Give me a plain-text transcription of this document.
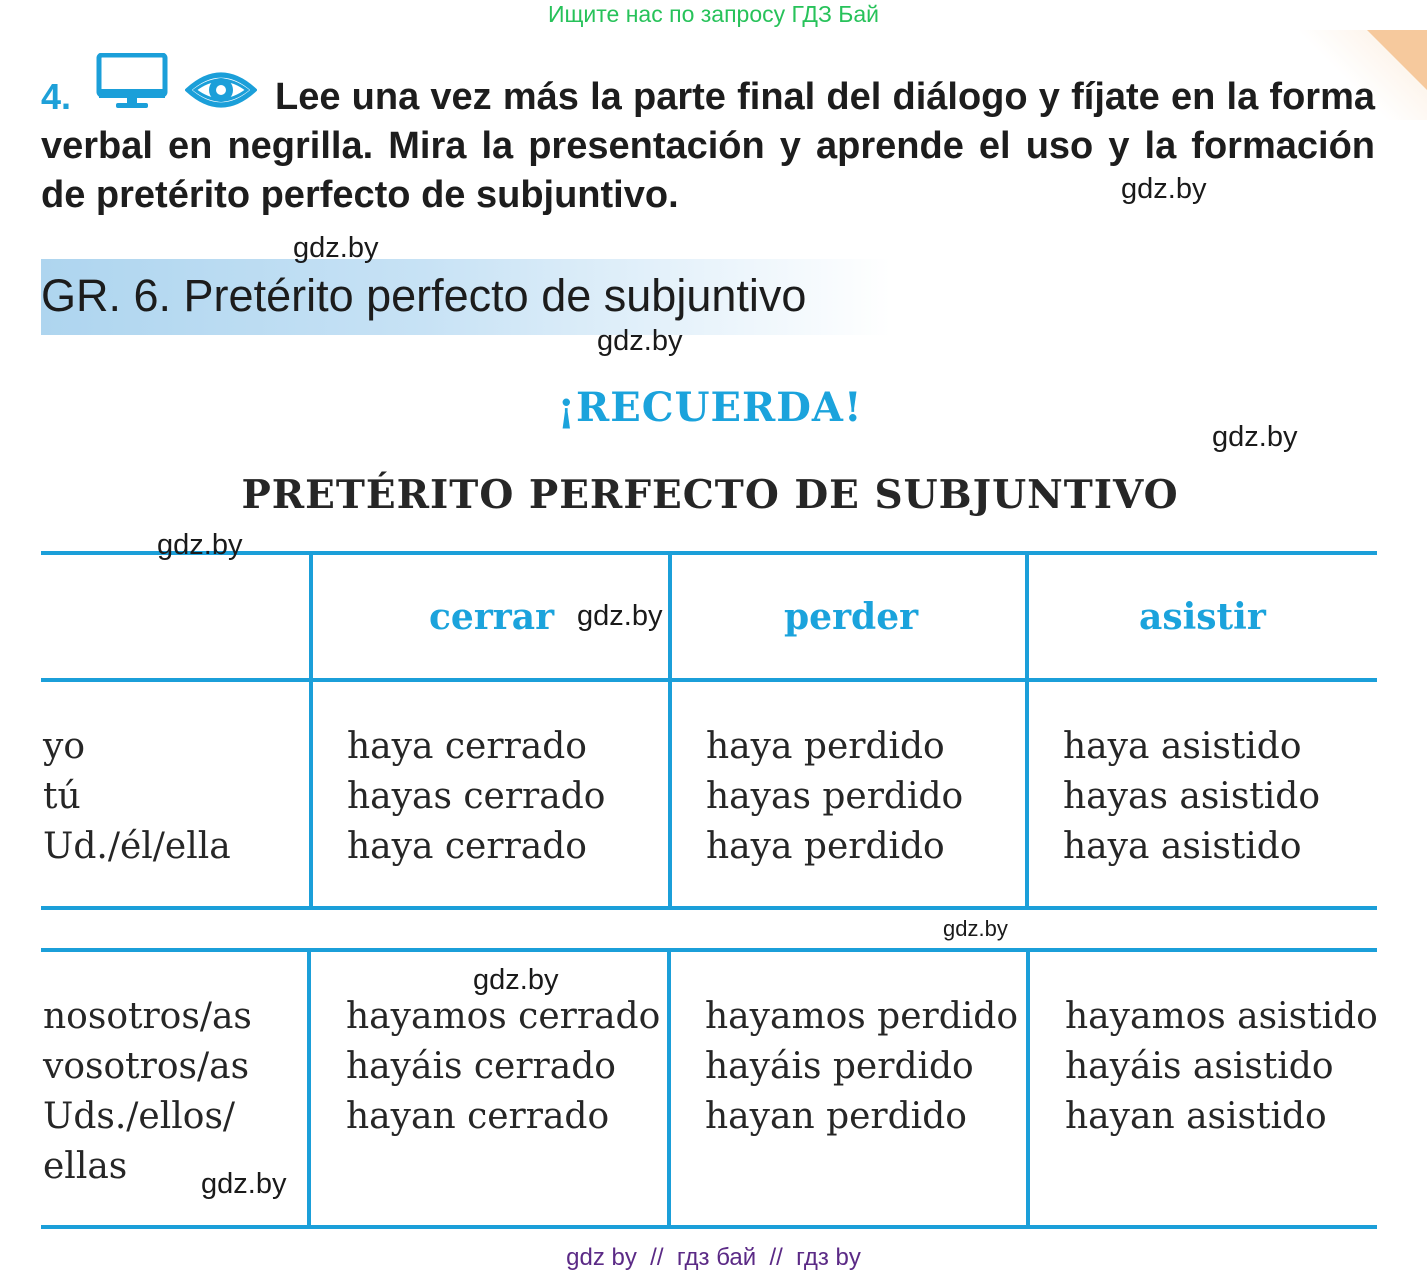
Ищите нас по запросу ГДЗ Бай
Lee una vez más la parte final del diálogo y fíjate en la forma verbal en negrilla. Mira la presentación y aprende el uso y la formación de pretérito perfecto de subjuntivo.
4.
GR. 6. Pretérito perfecto de subjuntivo
¡RECUERDA!
PRETÉRITO PERFECTO DE SUBJUNTIVO
cerrar	perder	asistir
yo
tú
Ud./él/ella
haya cerrado
hayas cerrado
haya cerrado
haya perdido
hayas perdido
haya perdido
haya asistido
hayas asistido
haya asistido
nosotros/as
vosotros/as
Uds./ellos/
ellas
hayamos cerrado
hayáis cerrado
hayan cerrado
hayamos perdido
hayáis perdido
hayan perdido
hayamos asistido
hayáis asistido
hayan asistido
gdz.by
gdz.by
gdz.by
gdz.by
gdz.by
gdz.by
gdz.by
gdz.by
gdz.by
gdz by  //  гдз бай  //  гдз by
